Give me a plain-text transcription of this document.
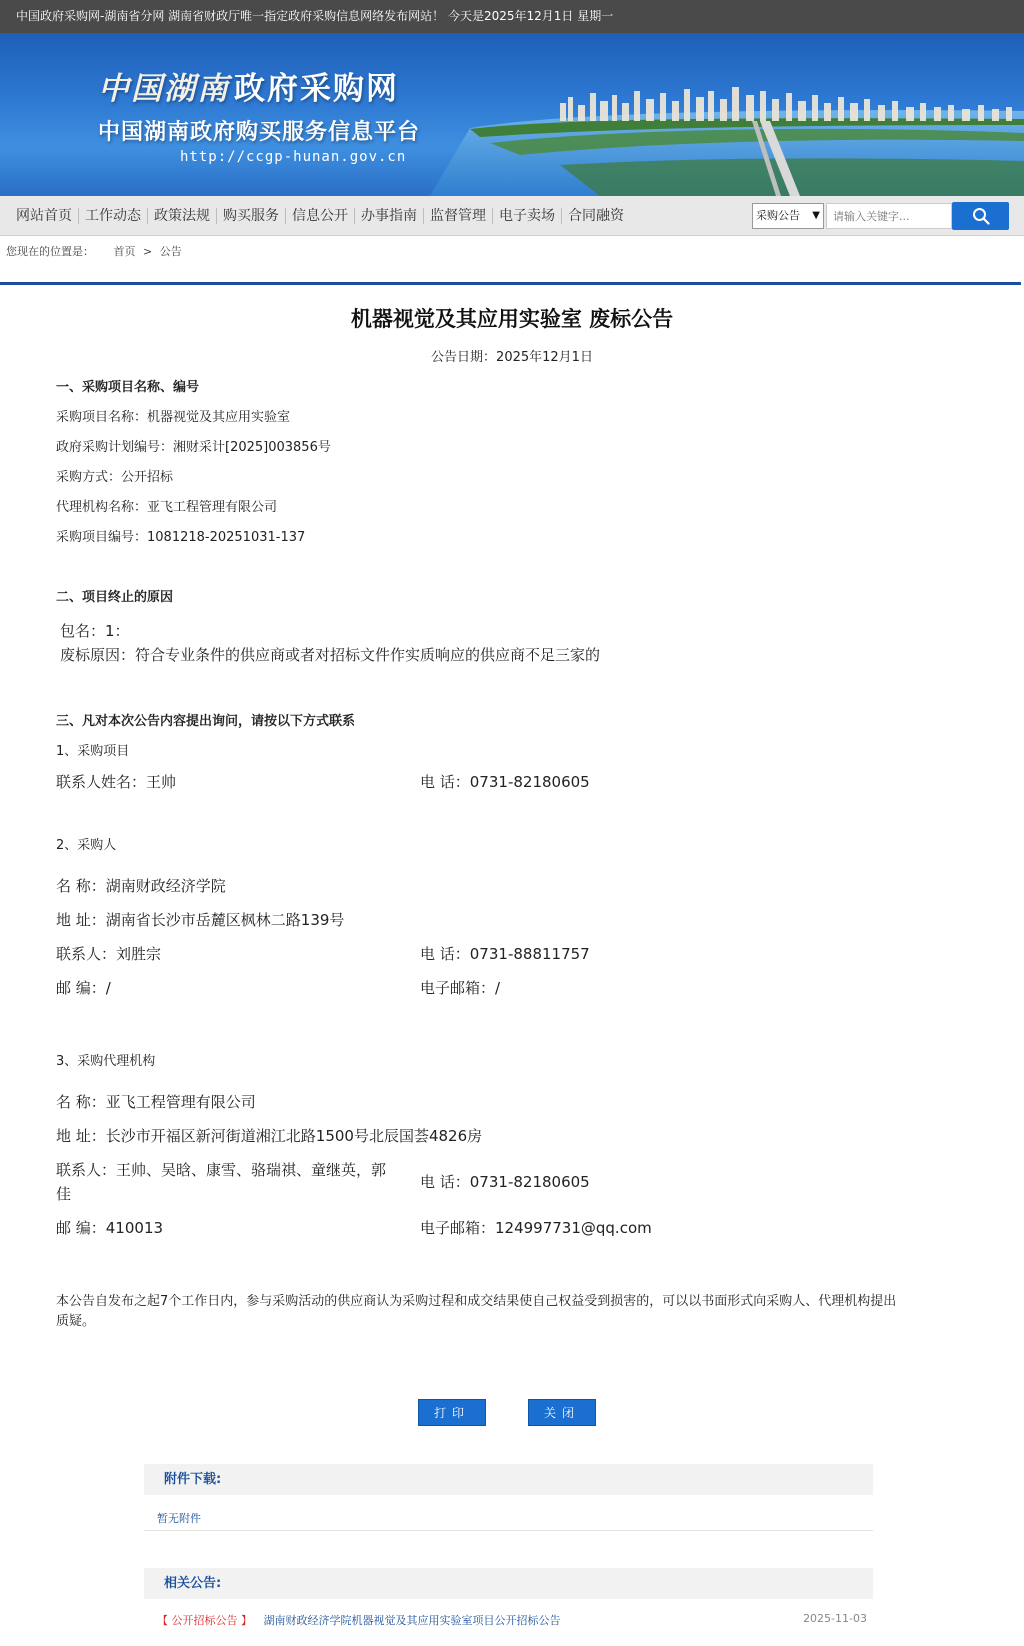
中国政府采购网-湖南省分网 湖南省财政厅唯一指定政府采购信息网络发布网站！ 今天是2025年12月1日 星期一
中国湖南 政府采购网
中国湖南政府购买服务信息平台
http://ccgp-hunan.gov.cn
网站首页 工作动态 政策法规 购买服务 信息公开 办事指南 监督管理 电子卖场 合同融资	采购公告 ▼
请输入关键字...
您现在的位置是： 首页 > 公告
机器视觉及其应用实验室 废标公告
公告日期：2025年12月1日
一、采购项目名称、编号
采购项目名称：机器视觉及其应用实验室
政府采购计划编号：湘财采计[2025]003856号
采购方式：公开招标
代理机构名称：亚飞工程管理有限公司
采购项目编号：1081218-20251031-137
二、项目终止的原因
包名：1：
废标原因：符合专业条件的供应商或者对招标文件作实质响应的供应商不足三家的
三、凡对本次公告内容提出询问，请按以下方式联系
1、采购项目
联系人姓名：王帅	电 话：0731-82180605
2、采购人
名 称：湖南财政经济学院
地 址：湖南省长沙市岳麓区枫林二路139号
联系人：刘胜宗	电 话：0731-88811757
邮 编：/	电子邮箱：/
3、采购代理机构
名 称：亚飞工程管理有限公司
地 址：长沙市开福区新河街道湘江北路1500号北辰国荟4826房
联系人：王帅、吴晗、康雪、骆瑞祺、童继英，郭
佳
电 话：0731-82180605
邮 编：410013	电子邮箱：124997731@qq.com
本公告自发布之起7个工作日内，参与采购活动的供应商认为采购过程和成交结果使自己权益受到损害的，可以以书面形式向采购人、代理机构提出
质疑。
打印	关闭
附件下载:
暂无附件
相关公告:
【 公开招标公告 】 湖南财政经济学院机器视觉及其应用实验室项目公开招标公告	2025-11-03
